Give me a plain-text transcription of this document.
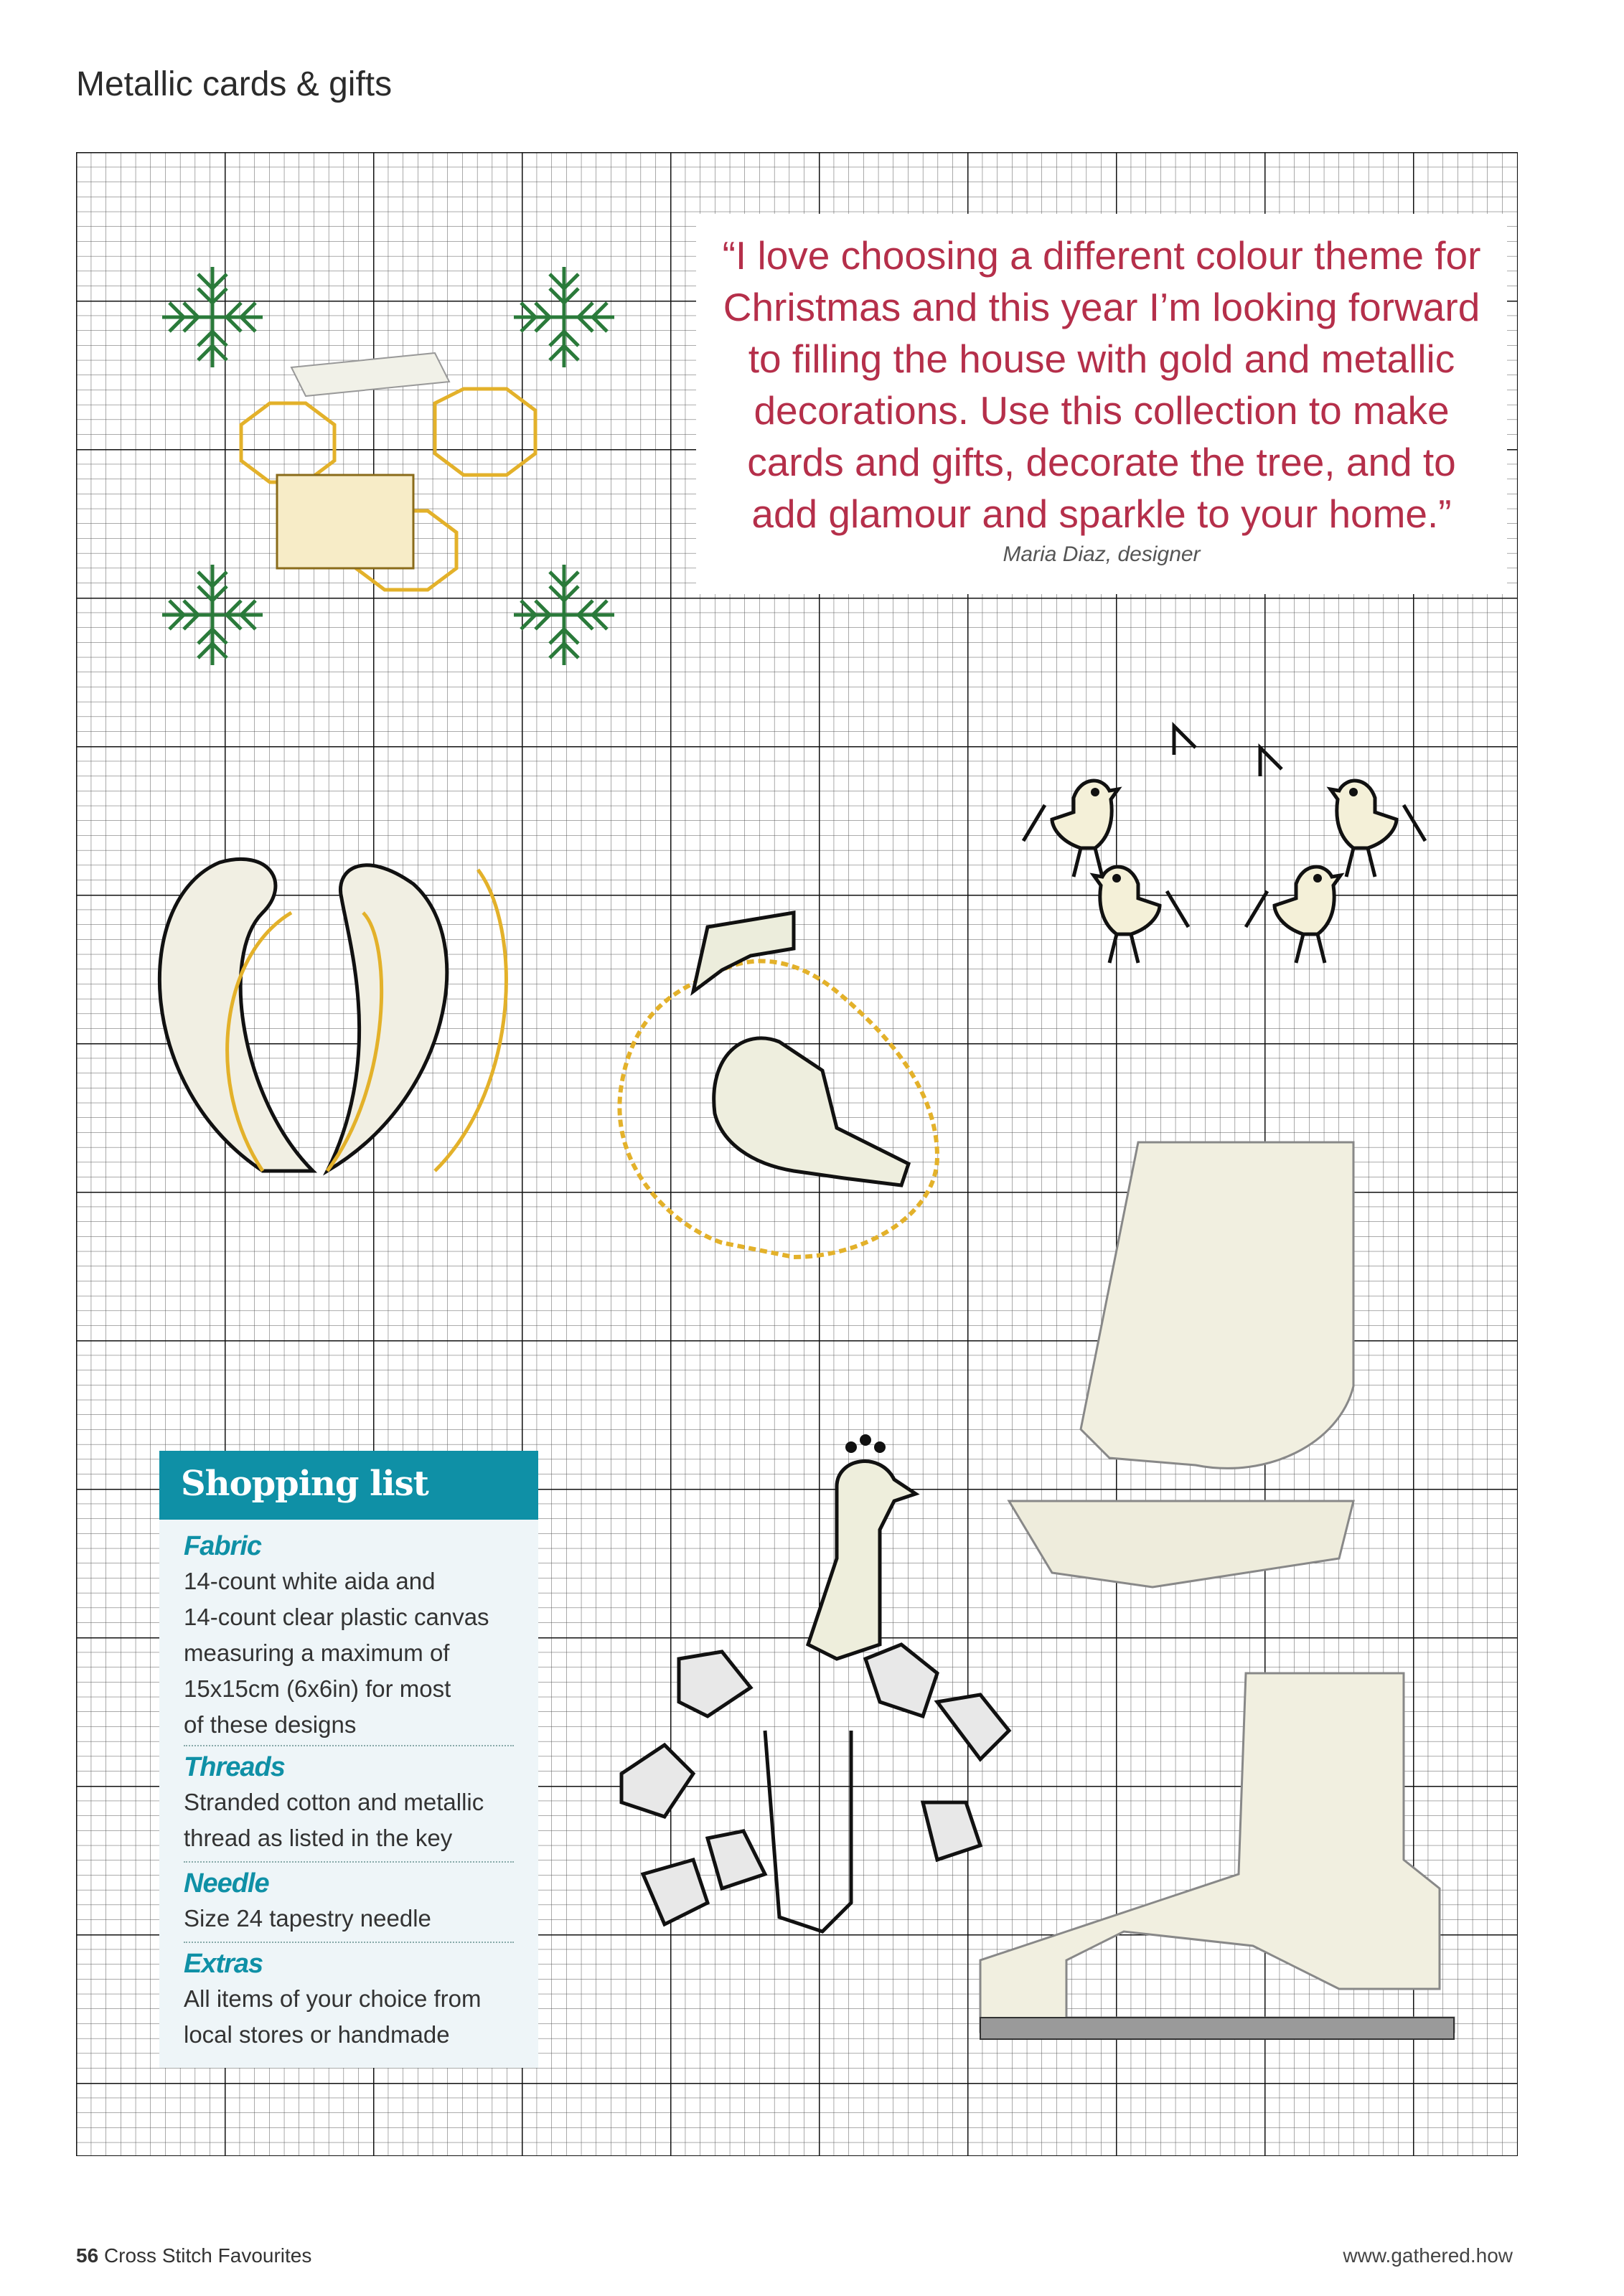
Metallic cards & gifts
“I love choosing a different colour theme for
Christmas and this year I’m looking forward
to filling the house with gold and metallic
decorations. Use this collection to make
cards and gifts, decorate the tree, and to
add glamour and sparkle to your home.”
Maria Diaz, designer
Shopping list
Fabric
14-count white aida and
14-count clear plastic canvas
measuring a maximum of
15x15cm (6x6in) for most
of these designs
Threads
Stranded cotton and metallic
thread as listed in the key
Needle
Size 24 tapestry needle
Extras
All items of your choice from
local stores or handmade
56 Cross Stitch Favourites	www.gathered.how
